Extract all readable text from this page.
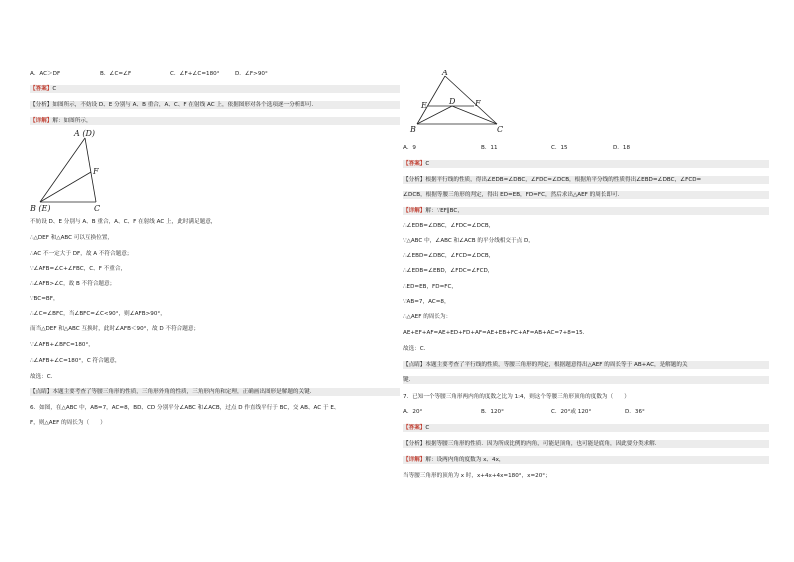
A．AC＞DF	B．∠C=∠F	C．∠F+∠C=180°	D．∠F>90°
【答案】C
【分析】如图所示，不妨设 D、E 分别与 A、B 重合，A、C、F 在射线 AC 上，依据图形对各个选项逐一分析即可．
【详解】解：如图所示，
A (D)
B (E)	C
F
不妨设 D、E 分别与 A、B 重合，A、C、F 在射线 AC 上，此时满足题意，
∴△DEF 和△ABC 可以互换位置，
∴AC 不一定大于 DF，故 A 不符合题意；
∵∠AFB=∠C+∠FBC，C、F 不重合，
∴∠AFB>∠C，故 B 不符合题意；
∵BC=BF，
∴∠C=∠BFC，当∠BFC=∠C<90°，则∠AFB>90°，
而当△DEF 和△ABC 互换时，此时∠AFB＜90°，故 D 不符合题意；
∵∠AFB+∠BFC=180°，
∴∠AFB+∠C=180°，C 符合题意，
故选：C．
【点睛】本题主要考查了等腰三角形的性质，三角形外角的性质，三角形内角和定理，正确画出图形是解题的关键．
6．如图，在△ABC 中，AB=7，AC=8，BD、CD 分别平分∠ABC 和∠ACB，过点 D 作直线平行于 BC，交 AB、AC 于 E、
F，则△AEF 的周长为（　　）
A
E	D F
B	C
A．9	B．11	C．15	D．18
【答案】C
【分析】根据平行线的性质，得出∠EDB=∠DBC，∠FDC=∠DCB，根据角平分线的性质得出∠EBD=∠DBC，∠FCD=
∠DCB，根据等腰三角形的判定，得出 ED=EB，FD=FC，然后求出△AEF 的周长即可．
【详解】解：∵EF∥BC，
∴∠EDB=∠DBC，∠FDC=∠DCB，
∵△ABC 中，∠ABC 和∠ACB 的平分线相交于点 D，
∴∠EBD=∠DBC，∠FCD=∠DCB，
∴∠EDB=∠EBD，∠FDC=∠FCD，
∴ED=EB，FD=FC，
∵AB=7，AC=8，
∴△AEF 的周长为：
AE+EF+AF=AE+ED+FD+AF=AE+EB+FC+AF=AB+AC=7+8=15．
故选：C．
【点睛】本题主要考查了平行线的性质，等腰三角形的判定，根据题意得出△AEF 的周长等于 AB+AC，是解题的关
键．
7．已知一个等腰三角形两内角的度数之比为 1:4，则这个等腰三角形顶角的度数为（　　）
A．20°	B．120°	C．20°或 120°	D．36°
【答案】C
【分析】根据等腰三角形的性质．因为所成比例的内角，可能是顶角，也可能是底角，因此要分类求解．
【详解】解：设两内角的度数为 x、4x，
当等腰三角形的顶角为 x 时，x+4x+4x=180°，x=20°；
